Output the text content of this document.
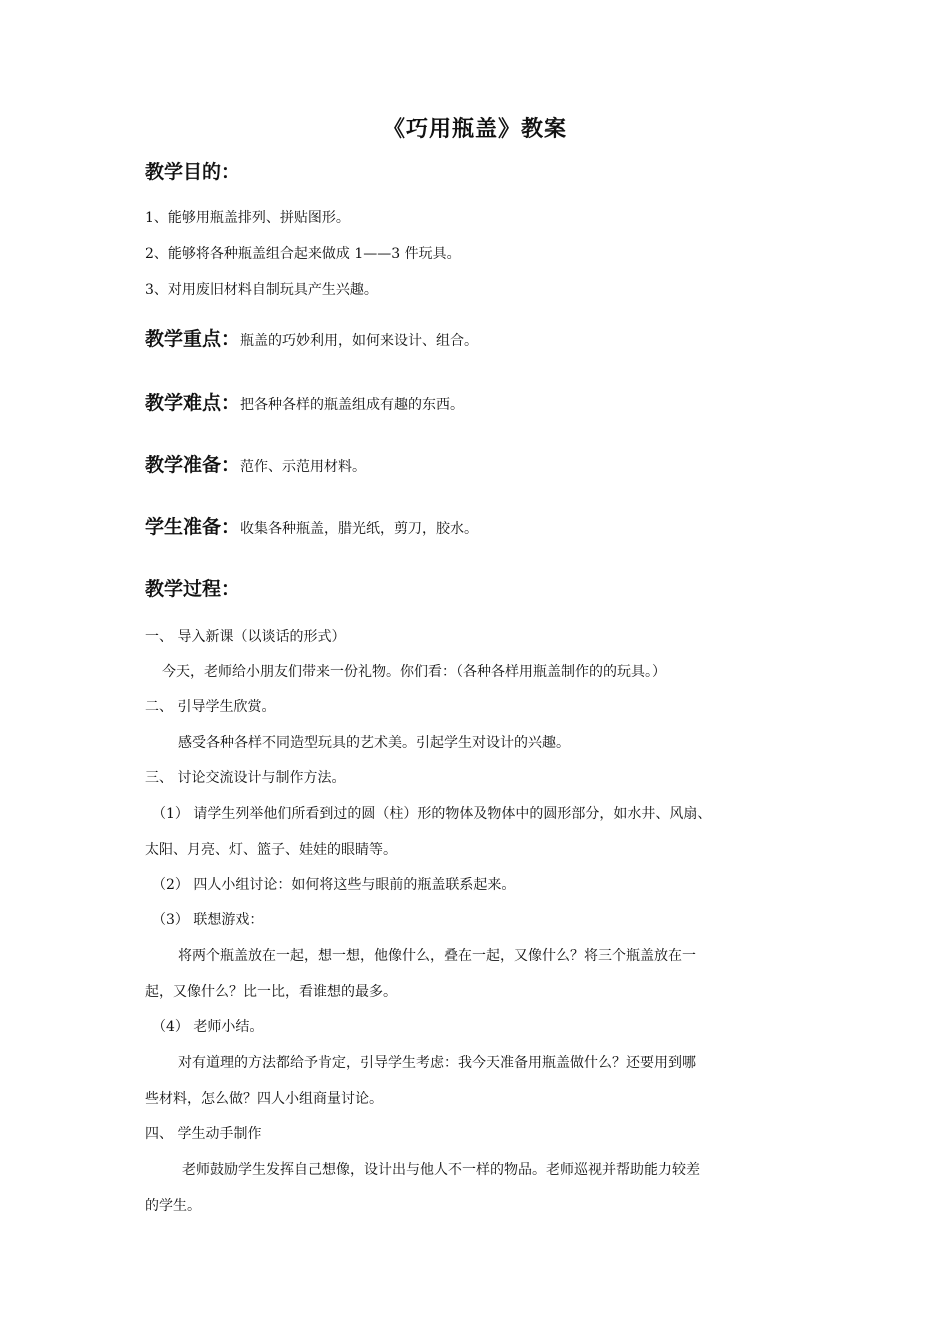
《巧用瓶盖》教案
教学目的：
1、能够用瓶盖排列、拼贴图形。
2、能够将各种瓶盖组合起来做成 1——3 件玩具。
3、对用废旧材料自制玩具产生兴趣。
教学重点：瓶盖的巧妙利用，如何来设计、组合。
教学难点：把各种各样的瓶盖组成有趣的东西。
教学准备：范作、示范用材料。
学生准备：收集各种瓶盖，腊光纸，剪刀，胶水。
教学过程：
一、 导入新课（以谈话的形式）
今天，老师给小朋友们带来一份礼物。你们看：（各种各样用瓶盖制作的的玩具。）
二、 引导学生欣赏。
感受各种各样不同造型玩具的艺术美。引起学生对设计的兴趣。
三、 讨论交流设计与制作方法。
（1） 请学生列举他们所看到过的圆（柱）形的物体及物体中的圆形部分，如水井、风扇、
太阳、月亮、灯、篮子、娃娃的眼睛等。
（2） 四人小组讨论：如何将这些与眼前的瓶盖联系起来。
（3） 联想游戏：
将两个瓶盖放在一起，想一想，他像什么，叠在一起，又像什么？将三个瓶盖放在一
起，又像什么？比一比，看谁想的最多。
（4） 老师小结。
对有道理的方法都给予肯定，引导学生考虑：我今天准备用瓶盖做什么？还要用到哪
些材料，怎么做？四人小组商量讨论。
四、 学生动手制作
老师鼓励学生发挥自己想像，设计出与他人不一样的物品。老师巡视并帮助能力较差
的学生。
